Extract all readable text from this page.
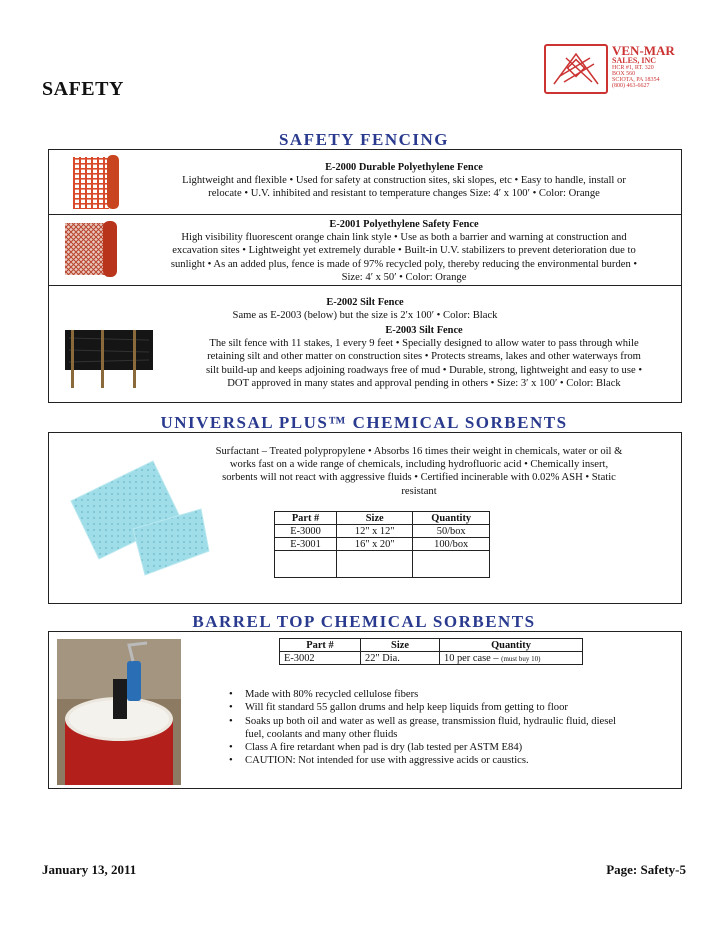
SAFETY
VEN-MAR
SALES, INC
HCR #1, RT. 320
BOX 560
SCIOTA, PA 18354
(800) 463-6627
SAFETY FENCING
E-2000 Durable Polyethylene Fence
Lightweight and flexible • Used for safety at construction sites, ski slopes, etc • Easy to handle, install or
relocate • U.V. inhibited and resistant to temperature changes Size: 4′ x 100′ • Color: Orange
E-2001 Polyethylene Safety Fence
High visibility fluorescent orange chain link style • Use as both a barrier and warning at construction and
excavation sites • Lightweight yet extremely durable • Built-in U.V. stabilizers to prevent deterioration due to
sunlight • As an added plus, fence is made of 97% recycled poly, thereby reducing the environmental burden •
Size: 4′ x 50′ • Color: Orange
E-2002 Silt Fence
Same as E-2003 (below) but the size is 2′x 100′ • Color: Black
E-2003 Silt Fence
The silt fence with 11 stakes, 1 every 9 feet • Specially designed to allow water to pass through while
retaining silt and other matter on construction sites • Protects streams, lakes and other waterways from
silt build-up and keeps adjoining roadways free of mud • Durable, strong, lightweight and easy to use •
DOT approved in many states and approval pending in others • Size: 3′ x 100′ • Color: Black
UNIVERSAL PLUS™ CHEMICAL SORBENTS
Surfactant – Treated polypropylene • Absorbs 16 times their weight in chemicals, water or oil &
works fast on a wide range of chemicals, including hydrofluoric acid • Chemically insert,
sorbents will not react with aggressive fluids • Certified incinerable with 0.02% ASH • Static
resistant
Part #	Size	Quantity
E-3000	12" x 12"	50/box
E-3001	16" x 20"	100/box

BARREL TOP CHEMICAL SORBENTS
Part #	Size	Quantity
E-3002	22" Dia.	10 per case – (must buy 10)
• Made with 80% recycled cellulose fibers
• Will fit standard 55 gallon drums and help keep liquids from getting to floor
• Soaks up both oil and water as well as grease, transmission fluid, hydraulic fluid, diesel
fuel, coolants and many other fluids
• Class A fire retardant when pad is dry (lab tested per ASTM E84)
• CAUTION: Not intended for use with aggressive acids or caustics.
January 13, 2011	Page: Safety-5
